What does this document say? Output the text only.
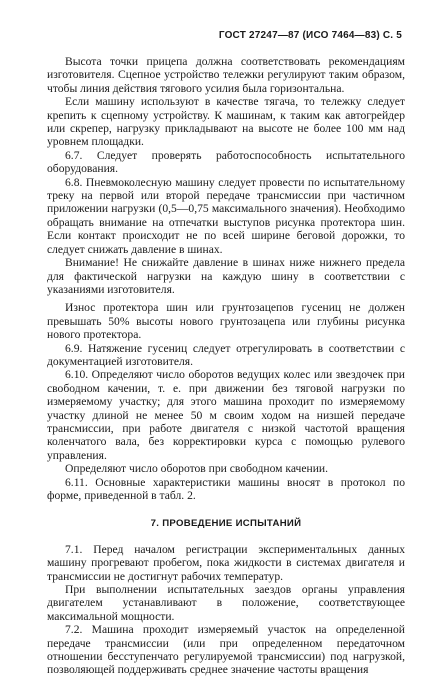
ГОСТ 27247—87 (ИСО 7464—83) С. 5

Высота точки прицепа должна соответствовать рекомендациям изготовителя. Сцепное устройство тележки регулируют таким образом, чтобы линия действия тягового усилия была горизонтальна.

Если машину используют в качестве тягача, то тележку следует крепить к сцепному устройству. К машинам, к таким как автогрейдер или скрепер, нагрузку прикладывают на высоте не более 100 мм над уровнем площадки.

6.7. Следует проверять работоспособность испытательного оборудования.

6.8. Пневмоколесную машину следует провести по испытательному треку на первой или второй передаче трансмиссии при частичном приложении нагрузки (0,5—0,75 максимального значения). Необходимо обращать внимание на отпечатки выступов рисунка протектора шин. Если контакт происходит не по всей ширине беговой дорожки, то следует снижать давление в шинах.

Внимание! Не снижайте давление в шинах ниже нижнего предела для фактической нагрузки на каждую шину в соответствии с указаниями изготовителя.

Износ протектора шин или грунтозацепов гусениц не должен превышать 50% высоты нового грунтозацепа или глубины рисунка нового протектора.

6.9. Натяжение гусениц следует отрегулировать в соответствии с документацией изготовителя.

6.10. Определяют число оборотов ведущих колес или звездочек при свободном качении, т. е. при движении без тяговой нагрузки по измеряемому участку; для этого машина проходит по измеряемому участку длиной не менее 50 м своим ходом на низшей передаче трансмиссии, при работе двигателя с низкой частотой вращения коленчатого вала, без корректировки курса с помощью рулевого управления.

Определяют число оборотов при свободном качении.

6.11. Основные характеристики машины вносят в протокол по форме, приведенной в табл. 2.

7. ПРОВЕДЕНИЕ ИСПЫТАНИЙ

7.1. Перед началом регистрации экспериментальных данных машину прогревают пробегом, пока жидкости в системах двигателя и трансмиссии не достигнут рабочих температур.

При выполнении испытательных заездов органы управления двигателем устанавливают в положение, соответствующее максимальной мощности.

7.2. Машина проходит измеряемый участок на определенной передаче трансмиссии (или при определенном передаточном отношении бесступенчато регулируемой трансмиссии) под нагрузкой, позволяющей поддерживать среднее значение частоты вращения
